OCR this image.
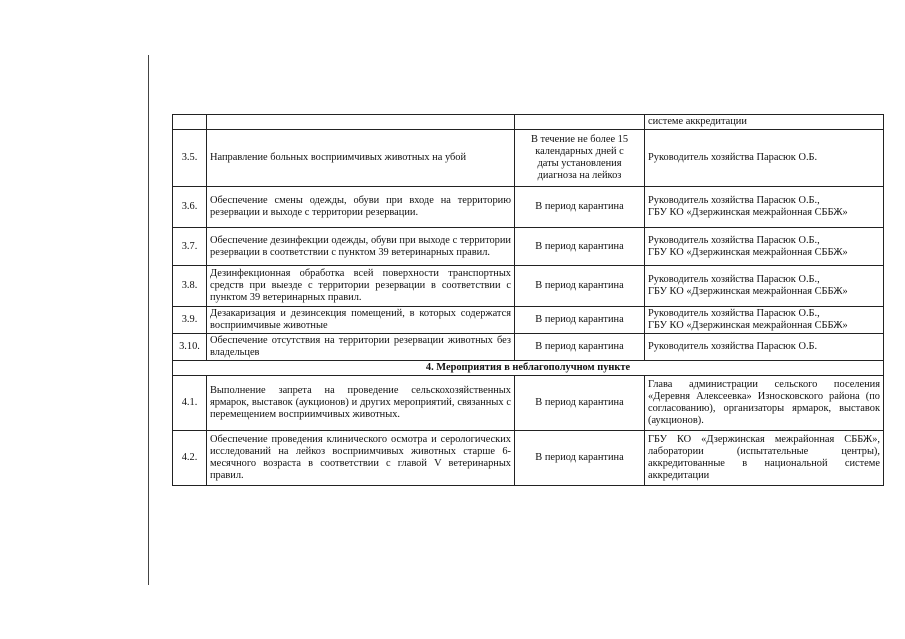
			системе аккредитации
3.5.	Направление больных восприимчивых животных на убой	В течение не более 15
календарных дней с
даты установления
диагноза на лейкоз	Руководитель хозяйства Парасюк О.Б.

3.6.	Обеспечение смены одежды, обуви при входе на территорию резервации и выходе с территории резервации.	В период карантина	Руководитель хозяйства Парасюк О.Б.,
ГБУ КО «Дзержинская межрайонная СББЖ»

3.7.	Обеспечение дезинфекции одежды, обуви при выходе с территории резервации в соответствии с пунктом 39 ветеринарных правил.	В период карантина	Руководитель хозяйства Парасюк О.Б.,
ГБУ КО «Дзержинская межрайонная СББЖ»

3.8.	Дезинфекционная обработка всей поверхности транспортных средств при выезде с территории резервации в соответствии с пунктом 39 ветеринарных правил.	В период карантина	Руководитель хозяйства Парасюк О.Б.,
ГБУ КО «Дзержинская межрайонная СББЖ»

3.9.	Дезакаризация и дезинсекция помещений, в которых содержатся восприимчивые животные	В период карантина	Руководитель хозяйства Парасюк О.Б.,
ГБУ КО «Дзержинская межрайонная СББЖ»

3.10.	Обеспечение отсутствия на территории резервации животных без владельцев	В период карантина	Руководитель хозяйства Парасюк О.Б.

4. Мероприятия в неблагополучном пункте			
4.1.	Выполнение запрета на проведение сельскохозяйственных ярмарок, выставок (аукционов) и других мероприятий, связанных с перемещением восприимчивых животных.	В период карантина	Глава администрации сельского поселения «Деревня Алексеевка» Износковского района (по согласованию), организаторы ярмарок, выставок (аукционов).
4.2.	Обеспечение проведения клинического осмотра и серологических исследований на лейкоз восприимчивых животных старше 6-месячного возраста в соответствии с главой V ветеринарных правил.	В период карантина	ГБУ КО «Дзержинская межрайонная СББЖ», лаборатории (испытательные центры), аккредитованные в национальной системе аккредитации
